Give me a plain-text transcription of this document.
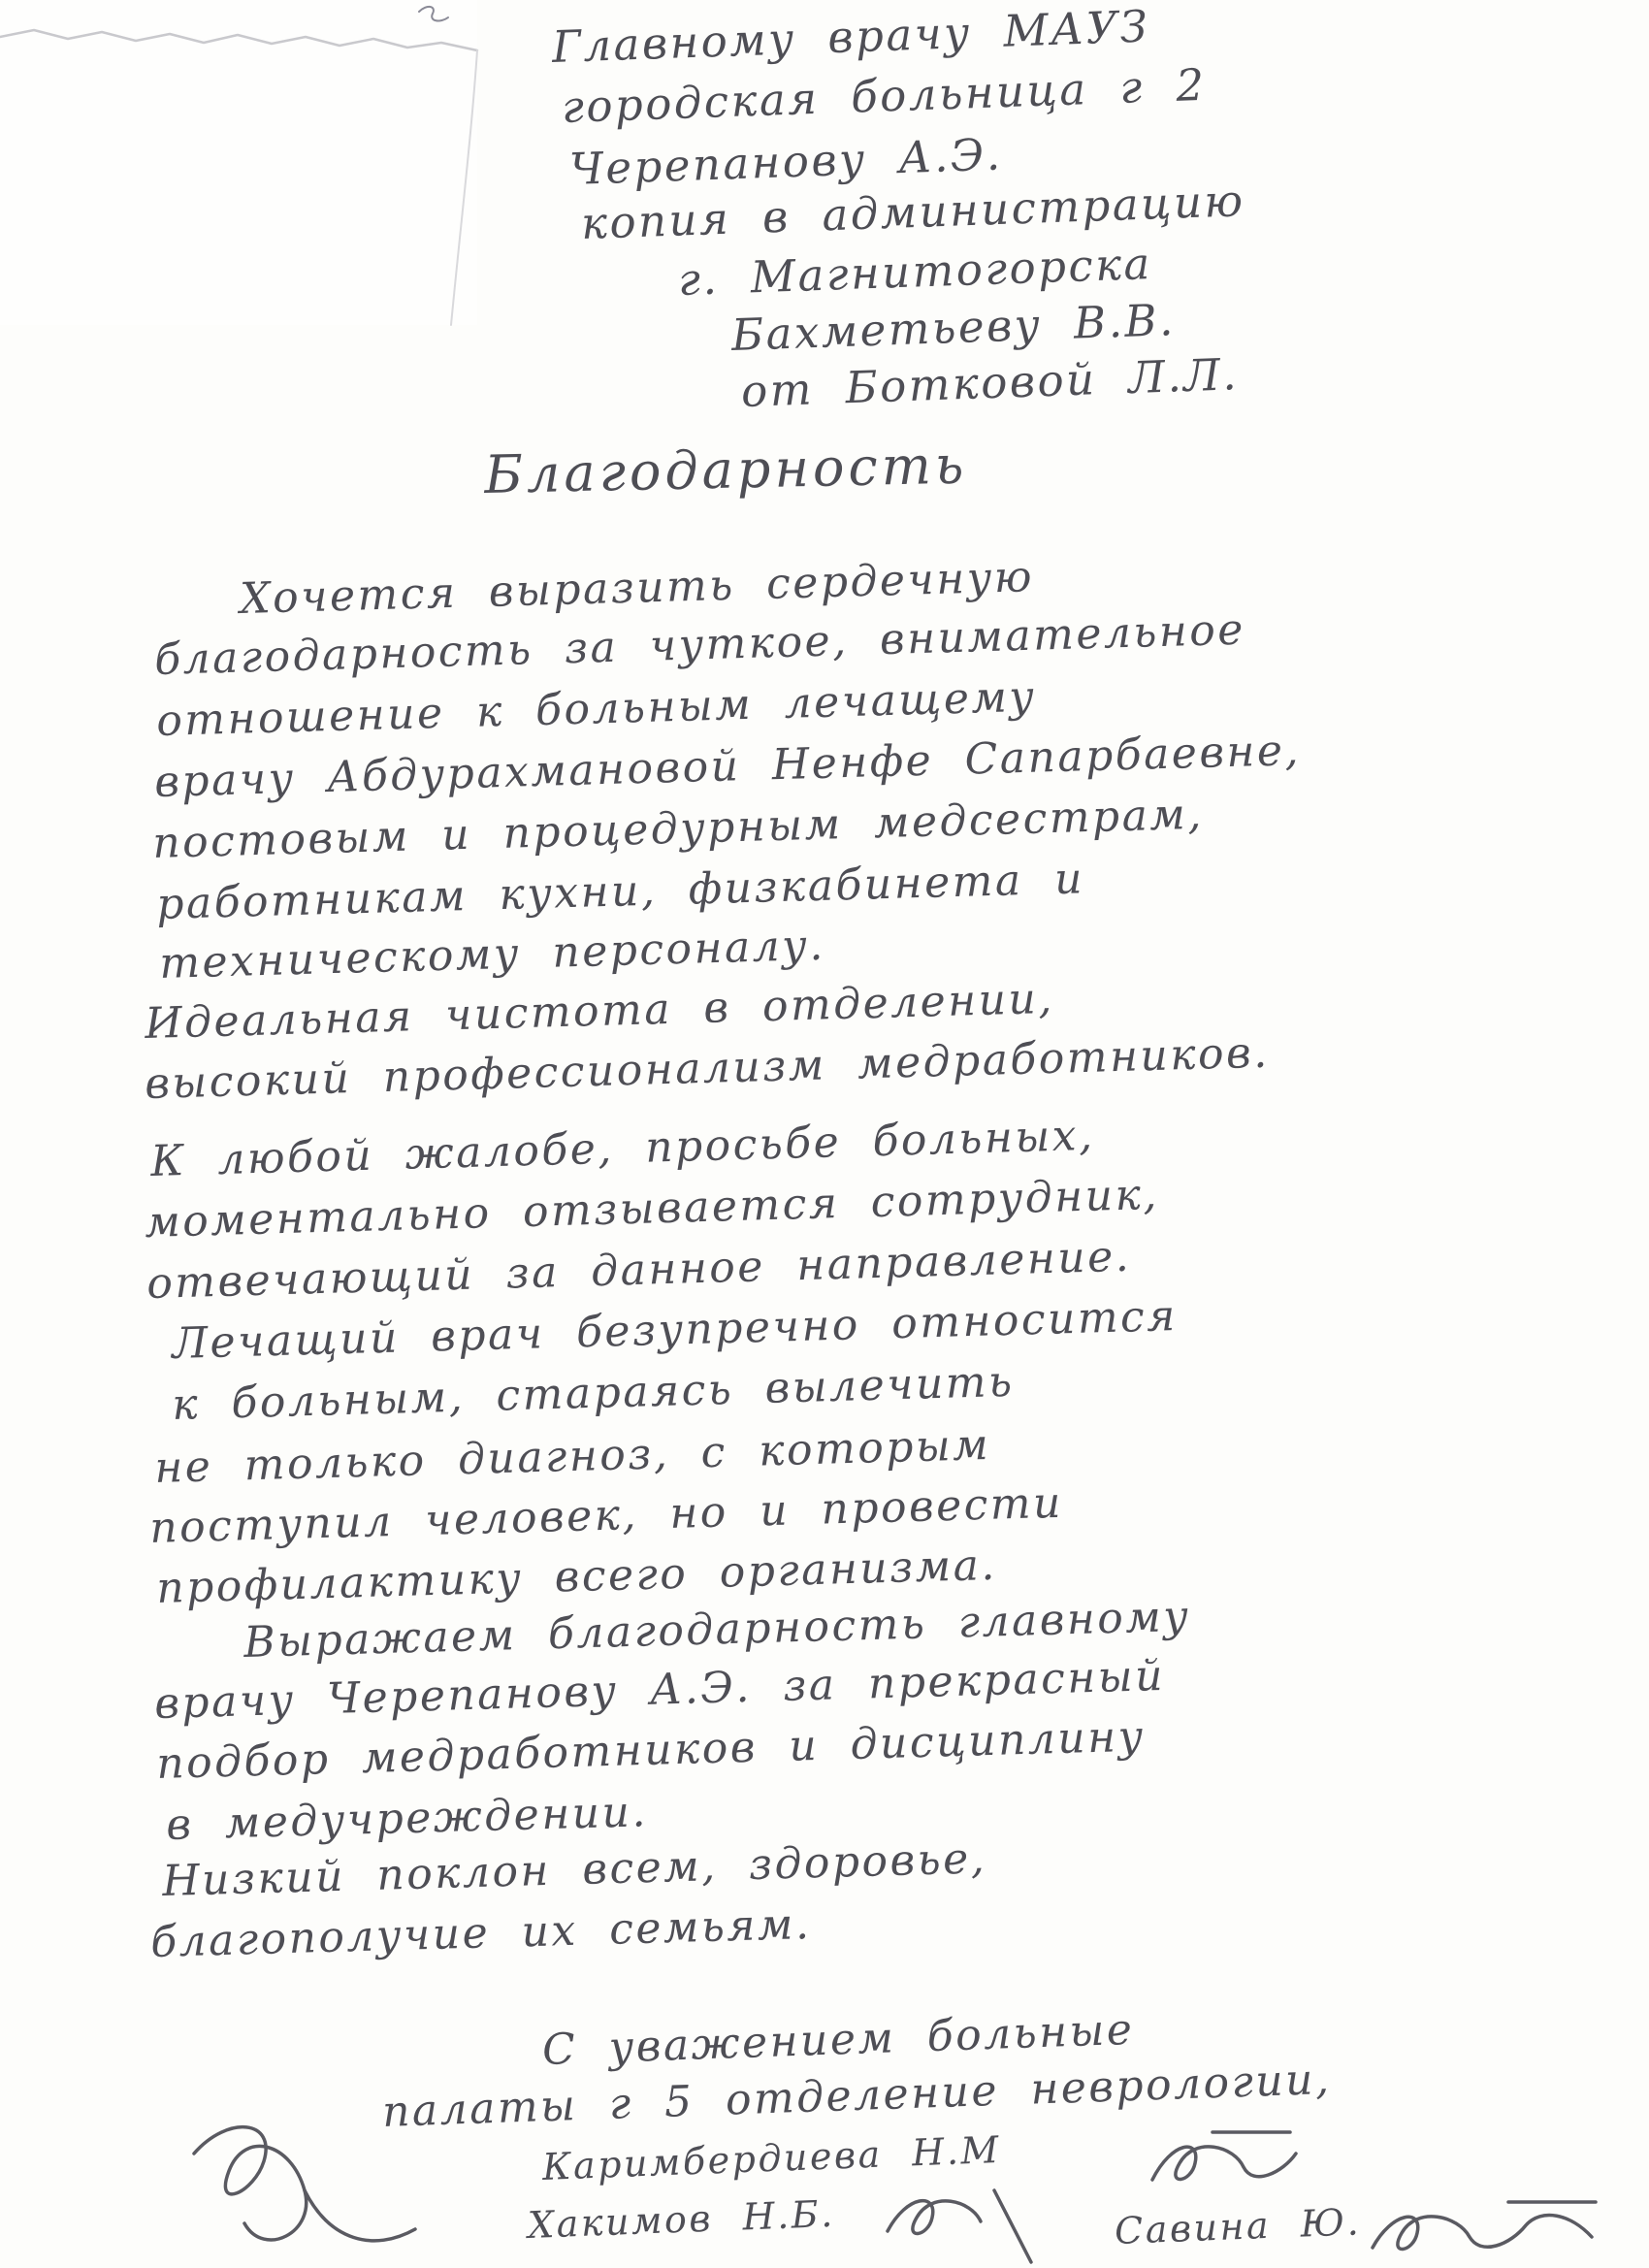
Главному врачу МАУЗ
городская больница г 2
Черепанову А.Э.
копия в администрацию
г. Магнитогорска
Бахметьеву В.В.
от Ботковой Л.Л.
Благодарность
Хочется выразить сердечную
благодарность за чуткое, внимательное
отношение к больным лечащему
врачу Абдурахмановой Ненфе Сапарбаевне,
постовым и процедурным медсестрам,
работникам кухни, физкабинета и
техническому персоналу.
Идеальная чистота в отделении,
высокий профессионализм медработников.
К любой жалобе, просьбе больных,
моментально отзывается сотрудник,
отвечающий за данное направление.
Лечащий врач безупречно относится
к больным, стараясь вылечить
не только диагноз, с которым
поступил человек, но и провести
профилактику всего организма.
Выражаем благодарность главному
врачу Черепанову А.Э. за прекрасный
подбор медработников и дисциплину
в медучреждении.
Низкий поклон всем, здоровье,
благополучие их семьям.
С уважением больные
палаты г 5 отделение неврологии,
Каримбердиева Н.М
Хакимов Н.Б.	Савина Ю.
